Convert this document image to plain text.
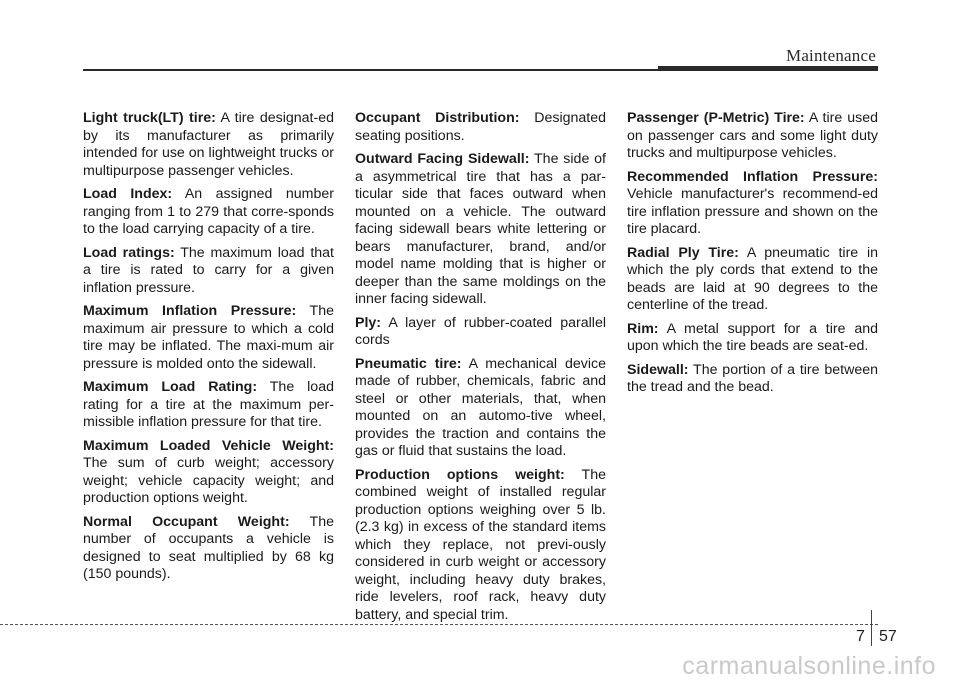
Maintenance

Light truck(LT) tire: A tire designat-ed by its manufacturer as primarily intended for use on lightweight trucks or multipurpose passenger vehicles.

Load Index: An assigned number ranging from 1 to 279 that corre-sponds to the load carrying capacity of a tire.

Load ratings: The maximum load that a tire is rated to carry for a given inflation pressure.

Maximum Inflation Pressure: The maximum air pressure to which a cold tire may be inflated. The maxi-mum air pressure is molded onto the sidewall.

Maximum Load Rating: The load rating for a tire at the maximum per-missible inflation pressure for that tire.

Maximum Loaded Vehicle Weight: The sum of curb weight; accessory weight; vehicle capacity weight; and production options weight.

Normal Occupant Weight: The number of occupants a vehicle is designed to seat multiplied by 68 kg (150 pounds).

Occupant Distribution: Designated seating positions.

Outward Facing Sidewall: The side of a asymmetrical tire that has a par-ticular side that faces outward when mounted on a vehicle. The outward facing sidewall bears white lettering or bears manufacturer, brand, and/or model name molding that is higher or deeper than the same moldings on the inner facing sidewall.

Ply: A layer of rubber-coated parallel cords

Pneumatic tire: A mechanical device made of rubber, chemicals, fabric and steel or other materials, that, when mounted on an automo-tive wheel, provides the traction and contains the gas or fluid that sustains the load.

Production options weight: The combined weight of installed regular production options weighing over 5 lb.(2.3 kg) in excess of the standard items which they replace, not previ-ously considered in curb weight or accessory weight, including heavy duty brakes, ride levelers, roof rack, heavy duty battery, and special trim.

Passenger (P-Metric) Tire: A tire used on passenger cars and some light duty trucks and multipurpose vehicles.

Recommended Inflation Pressure: Vehicle manufacturer's recommend-ed tire inflation pressure and shown on the tire placard.

Radial Ply Tire: A pneumatic tire in which the ply cords that extend to the beads are laid at 90 degrees to the centerline of the tread.

Rim: A metal support for a tire and upon which the tire beads are seat-ed.

Sidewall: The portion of a tire between the tread and the bead.

7 57
carmanualsonline.info
